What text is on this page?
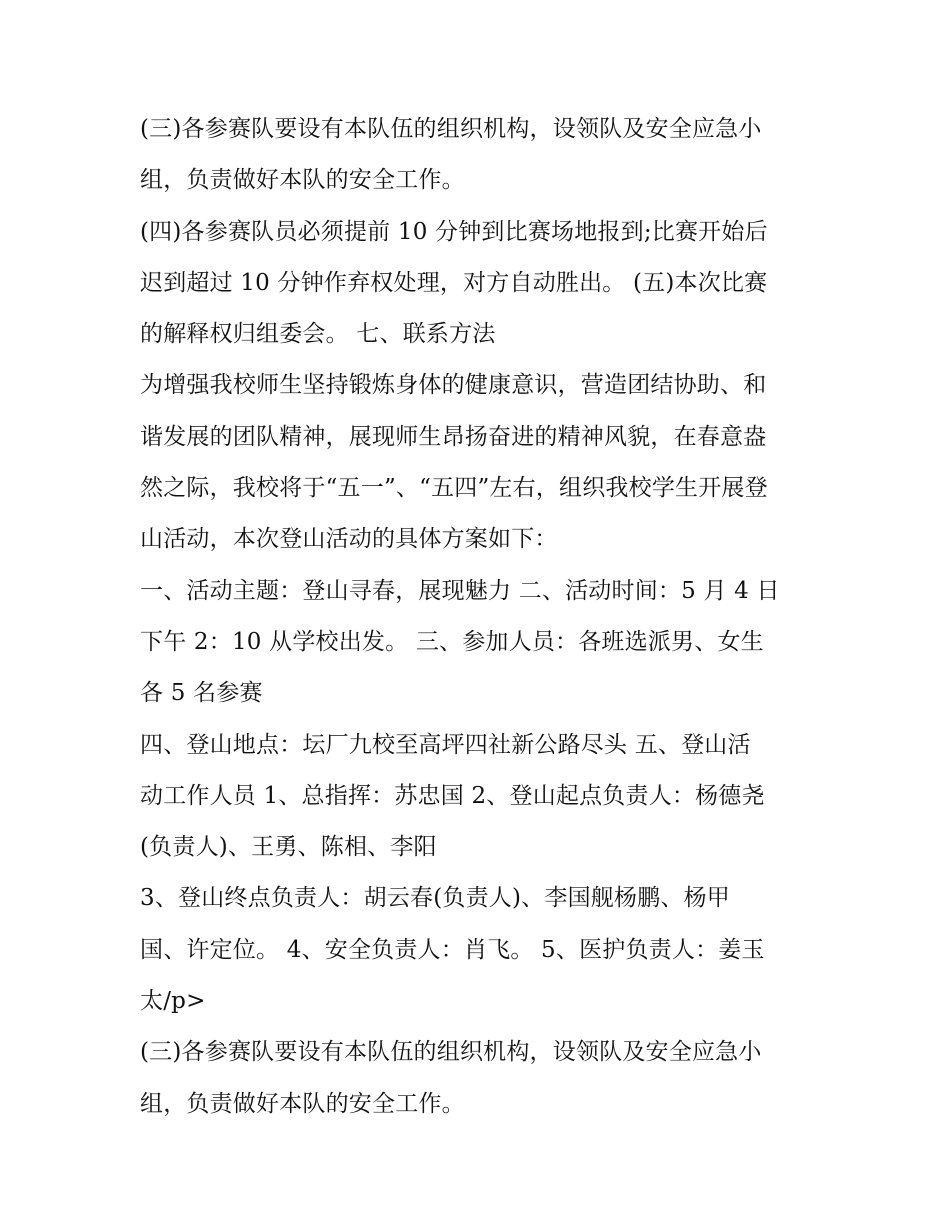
(三)各参赛队要设有本队伍的组织机构，设领队及安全应急小
组，负责做好本队的安全工作。
(四)各参赛队员必须提前 10 分钟到比赛场地报到;比赛开始后
迟到超过 10 分钟作弃权处理，对方自动胜出。 (五)本次比赛
的解释权归组委会。 七、联系方法
为增强我校师生坚持锻炼身体的健康意识，营造团结协助、和
谐发展的团队精神，展现师生昂扬奋进的精神风貌，在春意盎
然之际，我校将于“五一”、“五四”左右，组织我校学生开展登
山活动，本次登山活动的具体方案如下：
一、活动主题：登山寻春，展现魅力 二、活动时间：5 月 4 日
下午 2：10 从学校出发。 三、参加人员：各班选派男、女生
各 5 名参赛
四、登山地点：坛厂九校至高坪四社新公路尽头 五、登山活
动工作人员 1、总指挥：苏忠国 2、登山起点负责人：杨德尧
(负责人)、王勇、陈相、李阳
3、登山终点负责人：胡云春(负责人)、李国舰杨鹏、杨甲
国、许定位。 4、安全负责人：肖飞。 5、医护负责人：姜玉
太/p>
(三)各参赛队要设有本队伍的组织机构，设领队及安全应急小
组，负责做好本队的安全工作。
